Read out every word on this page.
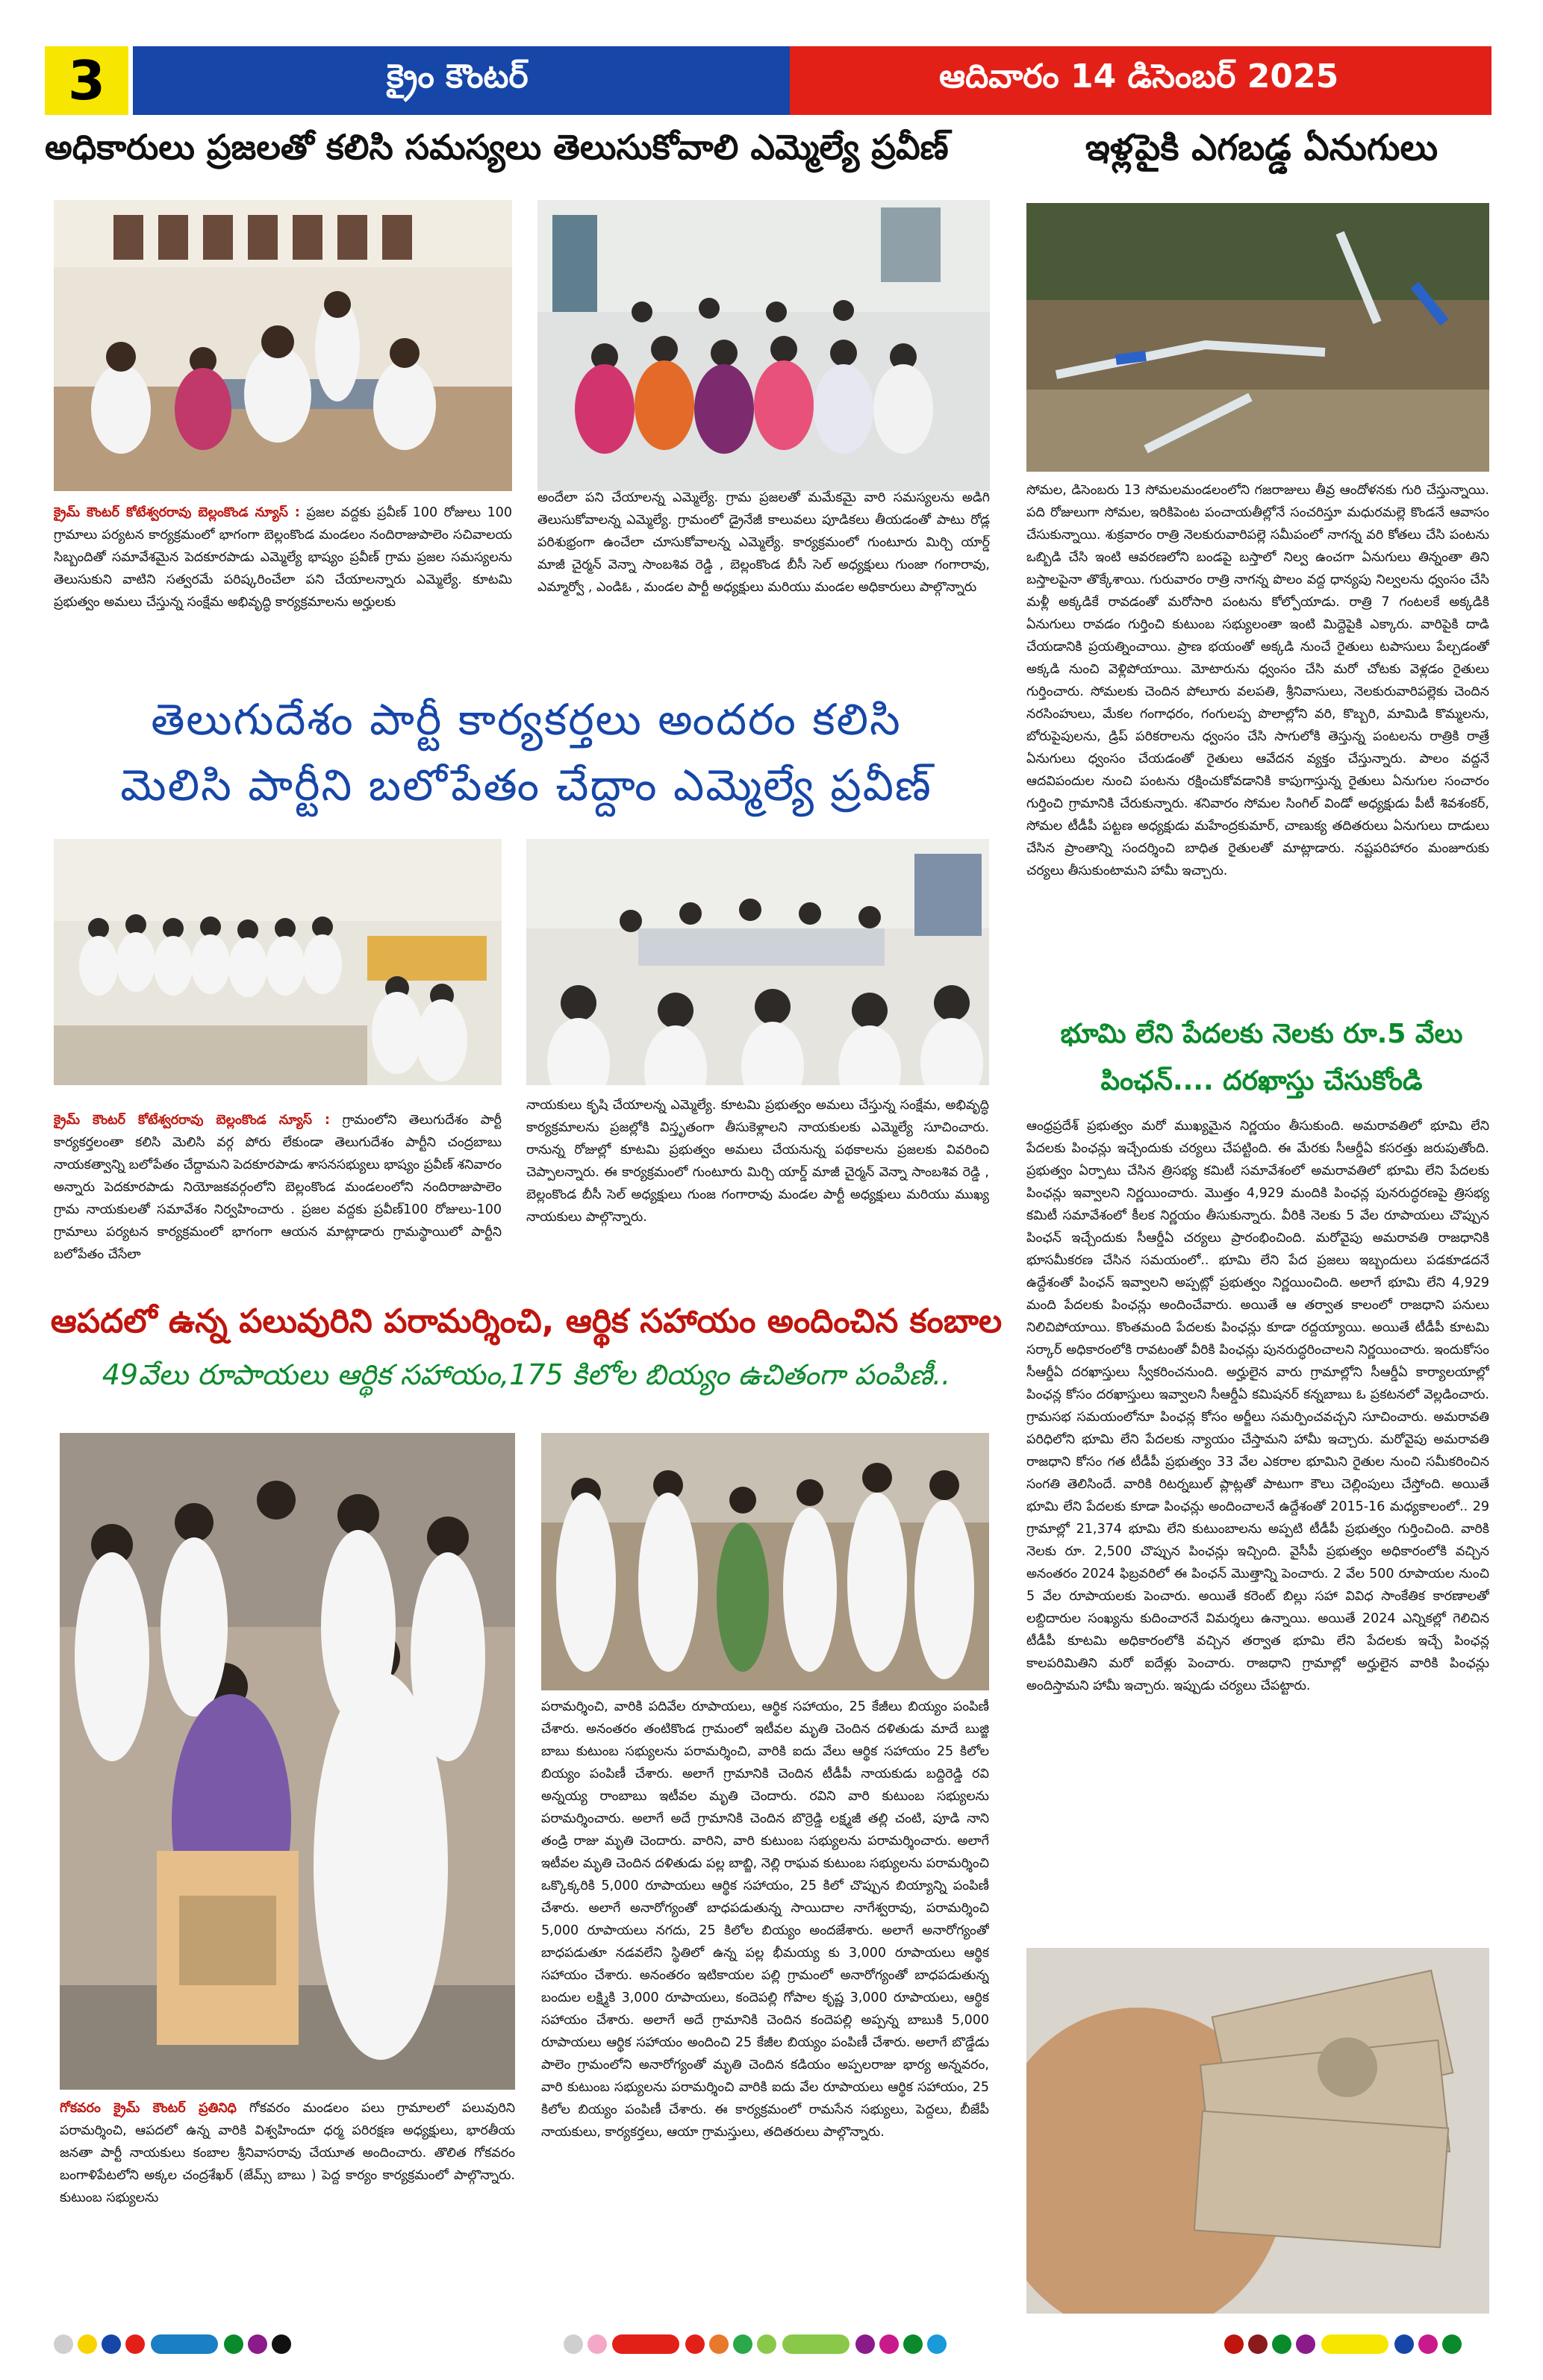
3	క్రైం కౌంటర్	ఆదివారం 14 డిసెంబర్ 2025
అధికారులు ప్రజలతో కలిసి సమస్యలు తెలుసుకోవాలి ఎమ్మెల్యే ప్రవీణ్

క్రైమ్ కౌంటర్ కోటేశ్వరరావు బెల్లంకొండ న్యూస్ : ప్రజల వద్దకు ప్రవీణ్ 100 రోజులు 100 గ్రామాలు పర్యటన కార్యక్రమంలో భాగంగా బెల్లంకొండ మండలం నందిరాజుపాలెం సచివాలయ సిబ్బందితో సమావేశమైన పెదకూరపాడు ఎమ్మెల్యే భాష్యం ప్రవీణ్ గ్రామ ప్రజల సమస్యలను తెలుసుకుని వాటిని సత్వరమే పరిష్కరించేలా పని చేయాలన్నారు ఎమ్మెల్యే. కూటమి ప్రభుత్వం అమలు చేస్తున్న సంక్షేమ అభివృద్ధి కార్యక్రమాలను అర్హులకు

అందేలా పని చేయాలన్న ఎమ్మెల్యే. గ్రామ ప్రజలతో మమేకమై వారి సమస్యలను అడిగి తెలుసుకోవాలన్న ఎమ్మెల్యే. గ్రామంలో డ్రైనేజీ కాలువలు పూడికలు తీయడంతో పాటు రోడ్ల పరిశుభ్రంగా ఉంచేలా చూసుకోవాలన్న ఎమ్మెల్యే. కార్యక్రమంలో గుంటూరు మిర్చి యార్డ్ మాజీ చైర్మన్ వెన్నా సాంబశివ రెడ్డి , బెల్లంకొండ బీసీ సెల్ అధ్యక్షులు గుంజా గంగారావు, ఎమ్మార్వో , ఎండిఓ , మండల పార్టీ అధ్యక్షులు మరియు మండల అధికారులు పాల్గొన్నారు

తెలుగుదేశం పార్టీ కార్యకర్తలు అందరం కలిసి
మెలిసి పార్టీని బలోపేతం చేద్దాం ఎమ్మెల్యే ప్రవీణ్

క్రైమ్ కౌంటర్ కోటేశ్వరరావు బెల్లంకొండ న్యూస్ : గ్రామంలోని తెలుగుదేశం పార్టీ కార్యకర్తలంతా కలిసి మెలిసి వర్గ పోరు లేకుండా తెలుగుదేశం పార్టీని చంద్రబాబు నాయకత్వాన్ని బలోపేతం చేద్దామని పెదకూరపాడు శాసనసభ్యులు భాష్యం ప్రవీణ్ శనివారం అన్నారు పెదకూరపాడు నియోజకవర్గంలోని బెల్లంకొండ మండలంలోని నందిరాజుపాలెం గ్రామ నాయకులతో సమావేశం నిర్వహించారు . ప్రజల వద్దకు ప్రవీణ్100 రోజులు-100 గ్రామాలు పర్యటన కార్యక్రమంలో భాగంగా ఆయన మాట్లాడారు గ్రామస్థాయిలో పార్టీని బలోపేతం చేసేలా

నాయకులు కృషి చేయాలన్న ఎమ్మెల్యే. కూటమి ప్రభుత్వం అమలు చేస్తున్న సంక్షేమ, అభివృద్ధి కార్యక్రమాలను ప్రజల్లోకి విస్తృతంగా తీసుకెళ్లాలని నాయకులకు ఎమ్మెల్యే సూచించారు. రానున్న రోజుల్లో కూటమి ప్రభుత్వం అమలు చేయనున్న పథకాలను ప్రజలకు వివరించి చెప్పాలన్నారు. ఈ కార్యక్రమంలో గుంటూరు మిర్చి యార్డ్ మాజీ చైర్మన్ వెన్నా సాంబశివ రెడ్డి , బెల్లంకొండ బీసీ సెల్ అధ్యక్షులు గుంజ గంగారావు మండల పార్టీ అధ్యక్షులు మరియు ముఖ్య నాయకులు పాల్గొన్నారు.

ఆపదలో ఉన్న పలువురిని పరామర్శించి, ఆర్థిక సహాయం అందించిన కంబాల
49వేలు రూపాయలు ఆర్థిక సహాయం,175 కిలోల బియ్యం ఉచితంగా పంపిణీ..

గోకవరం క్రైమ్ కౌంటర్ ప్రతినిధి గోకవరం మండలం పలు గ్రామాలలో పలువురిని పరామర్శించి, ఆపదలో ఉన్న వారికి విశ్వహిందూ ధర్మ పరిరక్షణ అధ్యక్షులు, భారతీయ జనతా పార్టీ నాయకులు కంబాల శ్రీనివాసరావు చేయూత అందించారు. తొలిత గోకవరం బంగాళిపేటలోని అక్కల చంద్రశేఖర్ (జేమ్స్ బాబు ) పెద్ద కార్యం కార్యక్రమంలో పాల్గొన్నారు. కుటుంబ సభ్యులను

పరామర్శించి, వారికి పదివేల రూపాయలు, ఆర్థిక సహాయం, 25 కేజీలు బియ్యం పంపిణీ చేశారు. అనంతరం తంటికొండ గ్రామంలో ఇటీవల మృతి చెందిన దళితుడు మాదే బుజ్జి బాబు కుటుంబ సభ్యులను పరామర్శించి, వారికి ఐదు వేలు ఆర్థిక సహాయం 25 కిలోల బియ్యం పంపిణీ చేశారు. అలాగే గ్రామానికి చెందిన టీడీపీ నాయకుడు బద్దిరెడ్డి రవి అన్నయ్య రాంబాబు ఇటీవల మృతి చెందారు. రవిని వారి కుటుంబ సభ్యులను పరామర్శించారు. అలాగే అదే గ్రామానికి చెందిన బొర్రెడ్డి లక్ష్మజీ తల్లి చంటి, పూడి నాని తండ్రి రాజు మృతి చెందారు. వారిని, వారి కుటుంబ సభ్యులను పరామర్శించారు. అలాగే ఇటీవల మృతి చెందిన దళితుడు పల్ల బాబ్జి, నెల్లి రాఘవ కుటుంబ సభ్యులను పరామర్శించి ఒక్కొక్కరికి 5,000 రూపాయలు ఆర్థిక సహాయం, 25 కిలో చొప్పున బియ్యాన్ని పంపిణీ చేశారు. అలాగే అనారోగ్యంతో బాధపడుతున్న సాయిదాల నాగేశ్వరావు, పరామర్శించి 5,000 రూపాయలు నగదు, 25 కిలోల బియ్యం అందజేశారు. అలాగే అనారోగ్యంతో బాధపడుతూ నడవలేని స్థితిలో ఉన్న పల్ల భీమయ్య కు 3,000 రూపాయలు ఆర్థిక సహాయం చేశారు. అనంతరం ఇటికాయల పల్లి గ్రామంలో అనారోగ్యంతో బాధపడుతున్న బందుల లక్ష్మికి 3,000 రూపాయలు, కందెపల్లి గోపాల కృష్ణ 3,000 రూపాయలు, ఆర్థిక సహాయం చేశారు. అలాగే అదే గ్రామానికి చెందిన కందెపల్లి అప్పన్న బాబుకి 5,000 రూపాయలు ఆర్థిక సహాయం అందించి 25 కేజీల బియ్యం పంపిణీ చేశారు. అలాగే బొడ్డేడు పాలెం గ్రామంలోని అనారోగ్యంతో మృతి చెందిన కడియం అప్పలరాజు భార్య అన్నవరం, వారి కుటుంబ సభ్యులను పరామర్శించి వారికి ఐదు వేల రూపాయలు ఆర్థిక సహాయం, 25 కిలోల బియ్యం పంపిణీ చేశారు. ఈ కార్యక్రమంలో రామసేన సభ్యులు, పెద్దలు, బీజేపీ నాయకులు, కార్యకర్తలు, ఆయా గ్రామస్తులు, తదితరులు పాల్గొన్నారు.

ఇళ్లపైకి ఎగబడ్డ ఏనుగులు

సోమల, డిసెంబరు 13 సోమలమండలంలోని గజరాజులు తీవ్ర ఆందోళనకు గురి చేస్తున్నాయి. పది రోజులుగా సోమల, ఇరికిపెంట పంచాయతీల్లోనే సంచరిస్తూ మధురమల్లె కొండనే ఆవాసం చేసుకున్నాయి. శుక్రవారం రాత్రి నెలకురువారిపల్లె సమీపంలో నాగన్న వరి కోతలు చేసి పంటను ఒబ్బిడి చేసి ఇంటి ఆవరణలోని బండపై బస్తాలో నిల్వ ఉంచగా ఏనుగులు తిన్నంతా తిని బస్తాలపైనా తొక్కేశాయి. గురువారం రాత్రి నాగన్న పొలం వద్ద ధాన్యపు నిల్వలను ధ్వంసం చేసి మళ్లీ అక్కడికే రావడంతో మరోసారి పంటను కోల్పోయాడు. రాత్రి 7 గంటలకే అక్కడికి ఏనుగులు రావడం గుర్తించి కుటుంబ సభ్యులంతా ఇంటి మిద్దెపైకి ఎక్కారు. వారిపైకి దాడి చేయడానికి ప్రయత్నించాయి. ప్రాణ భయంతో అక్కడి నుంచే రైతులు టపాసులు పేల్చడంతో అక్కడి నుంచి వెళ్లిపోయాయి. మోటారును ధ్వంసం చేసి మరో చోటకు వెళ్లడం రైతులు గుర్తించారు. సోమలకు చెందిన పోలూరు వలపతి, శ్రీనివాసులు, నెలకురువారిపల్లెకు చెందిన నరసింహులు, మేకల గంగాధరం, గంగులప్ప పొలాల్లోని వరి, కొబ్బరి, మామిడి కొమ్మలను, బోరుపైపులను, డ్రిప్ పరికరాలను ధ్వంసం చేసి సాగులోకి తెస్తున్న పంటలను రాత్రికి రాత్రే ఏనుగులు ధ్వంసం చేయడంతో రైతులు ఆవేదన వ్యక్తం చేస్తున్నారు. పాలం వద్దనే ఆదవిపందుల నుంచి పంటను రక్షించుకోవడానికి కాపుగాస్తున్న రైతులు ఏనుగుల సంచారం గుర్తించి గ్రామానికి చేరుకున్నారు. శనివారం సోమల సింగిల్ విండో అధ్యక్షుడు పీటీ శివశంకర్, సోమల టీడీపీ పట్టణ అధ్యక్షుడు మహేంద్రకుమార్, చాణుక్య తదితరులు ఏనుగులు దాడులు చేసిన ప్రాంతాన్ని సందర్శించి బాధిత రైతులతో మాట్లాడారు. నష్టపరిహారం మంజూరుకు చర్యలు తీసుకుంటామని హామీ ఇచ్చారు.

భూమి లేని పేదలకు నెలకు రూ.5 వేలు
పింఛన్.... దరఖాస్తు చేసుకోండి

ఆంధ్రప్రదేశ్ ప్రభుత్వం మరో ముఖ్యమైన నిర్ణయం తీసుకుంది. అమరావతిలో భూమి లేని పేదలకు పింఛన్లు ఇచ్చేందుకు చర్యలు చేపట్టింది. ఈ మేరకు సీఆర్డీఏ కసరత్తు జరుపుతోంది. ప్రభుత్వం ఏర్పాటు చేసిన త్రిసభ్య కమిటీ సమావేశంలో అమరావతిలో భూమి లేని పేదలకు పింఛన్లు ఇవ్వాలని నిర్ణయించారు. మొత్తం 4,929 మందికి పింఛన్ల పునరుద్ధరణపై త్రిసభ్య కమిటీ సమావేశంలో కీలక నిర్ణయం తీసుకున్నారు. వీరికి నెలకు 5 వేల రూపాయలు చొప్పున పింఛన్ ఇచ్చేందుకు సీఆర్డీఏ చర్యలు ప్రారంభించింది. మరోవైపు అమరావతి రాజధానికి భూసమీకరణ చేసిన సమయంలో.. భూమి లేని పేద ప్రజలు ఇబ్బందులు పడకూడదనే ఉద్దేశంతో పింఛన్ ఇవ్వాలని అప్పట్లో ప్రభుత్వం నిర్ణయించింది. అలాగే భూమి లేని 4,929 మంది పేదలకు పింఛన్లు అందించేవారు. అయితే ఆ తర్వాత కాలంలో రాజధాని పనులు నిలిచిపోయాయి. కొంతమంది పేదలకు పింఛన్లు కూడా రద్దయ్యాయి. అయితే టీడీపీ కూటమి సర్కార్ అధికారంలోకి రావటంతో వీరికి పింఛన్లు పునరుద్ధరించాలని నిర్ణయించారు. ఇందుకోసం సీఆర్డీఏ దరఖాస్తులు స్వీకరించనుంది. అర్హులైన వారు గ్రామాల్లోని సీఆర్డీఏ కార్యాలయాల్లో పింఛన్ల కోసం దరఖాస్తులు ఇవ్వాలని సీఆర్డీఏ కమిషనర్ కన్నబాబు ఓ ప్రకటనలో వెల్లడించారు. గ్రామసభ సమయంలోనూ పింఛన్ల కోసం అర్జీలు సమర్పించవచ్చని సూచించారు. అమరావతి పరిధిలోని భూమి లేని పేదలకు న్యాయం చేస్తామని హామీ ఇచ్చారు. మరోవైపు అమరావతి రాజధాని కోసం గత టీడీపీ ప్రభుత్వం 33 వేల ఎకరాల భూమిని రైతుల నుంచి సమీకరించిన సంగతి తెలిసిందే. వారికి రిటర్నబుల్ ప్లాట్లతో పాటుగా కౌలు చెల్లింపులు చేస్తోంది. అయితే భూమి లేని పేదలకు కూడా పింఛన్లు అందించాలనే ఉద్దేశంతో 2015-16 మధ్యకాలంలో.. 29 గ్రామాల్లో 21,374 భూమి లేని కుటుంబాలను అప్పటి టీడీపీ ప్రభుత్వం గుర్తించింది. వారికి నెలకు రూ. 2,500 చొప్పున పింఛన్లు ఇచ్చింది. వైసీపీ ప్రభుత్వం అధికారంలోకి వచ్చిన అనంతరం 2024 ఫిబ్రవరిలో ఈ పింఛన్ మొత్తాన్ని పెంచారు. 2 వేల 500 రూపాయల నుంచి 5 వేల రూపాయలకు పెంచారు. అయితే కరెంట్ బిల్లు సహా వివిధ సాంకేతిక కారణాలతో లబ్దిదారుల సంఖ్యను కుదించారనే విమర్శలు ఉన్నాయి. అయితే 2024 ఎన్నికల్లో గెలిచిన టీడీపీ కూటమి అధికారంలోకి వచ్చిన తర్వాత భూమి లేని పేదలకు ఇచ్చే పింఛన్ల కాలపరిమితిని మరో ఐదేళ్లు పెంచారు. రాజధాని గ్రామాల్లో అర్హులైన వారికి పింఛన్లు అందిస్తామని హామీ ఇచ్చారు. ఇప్పుడు చర్యలు చేపట్టారు.
